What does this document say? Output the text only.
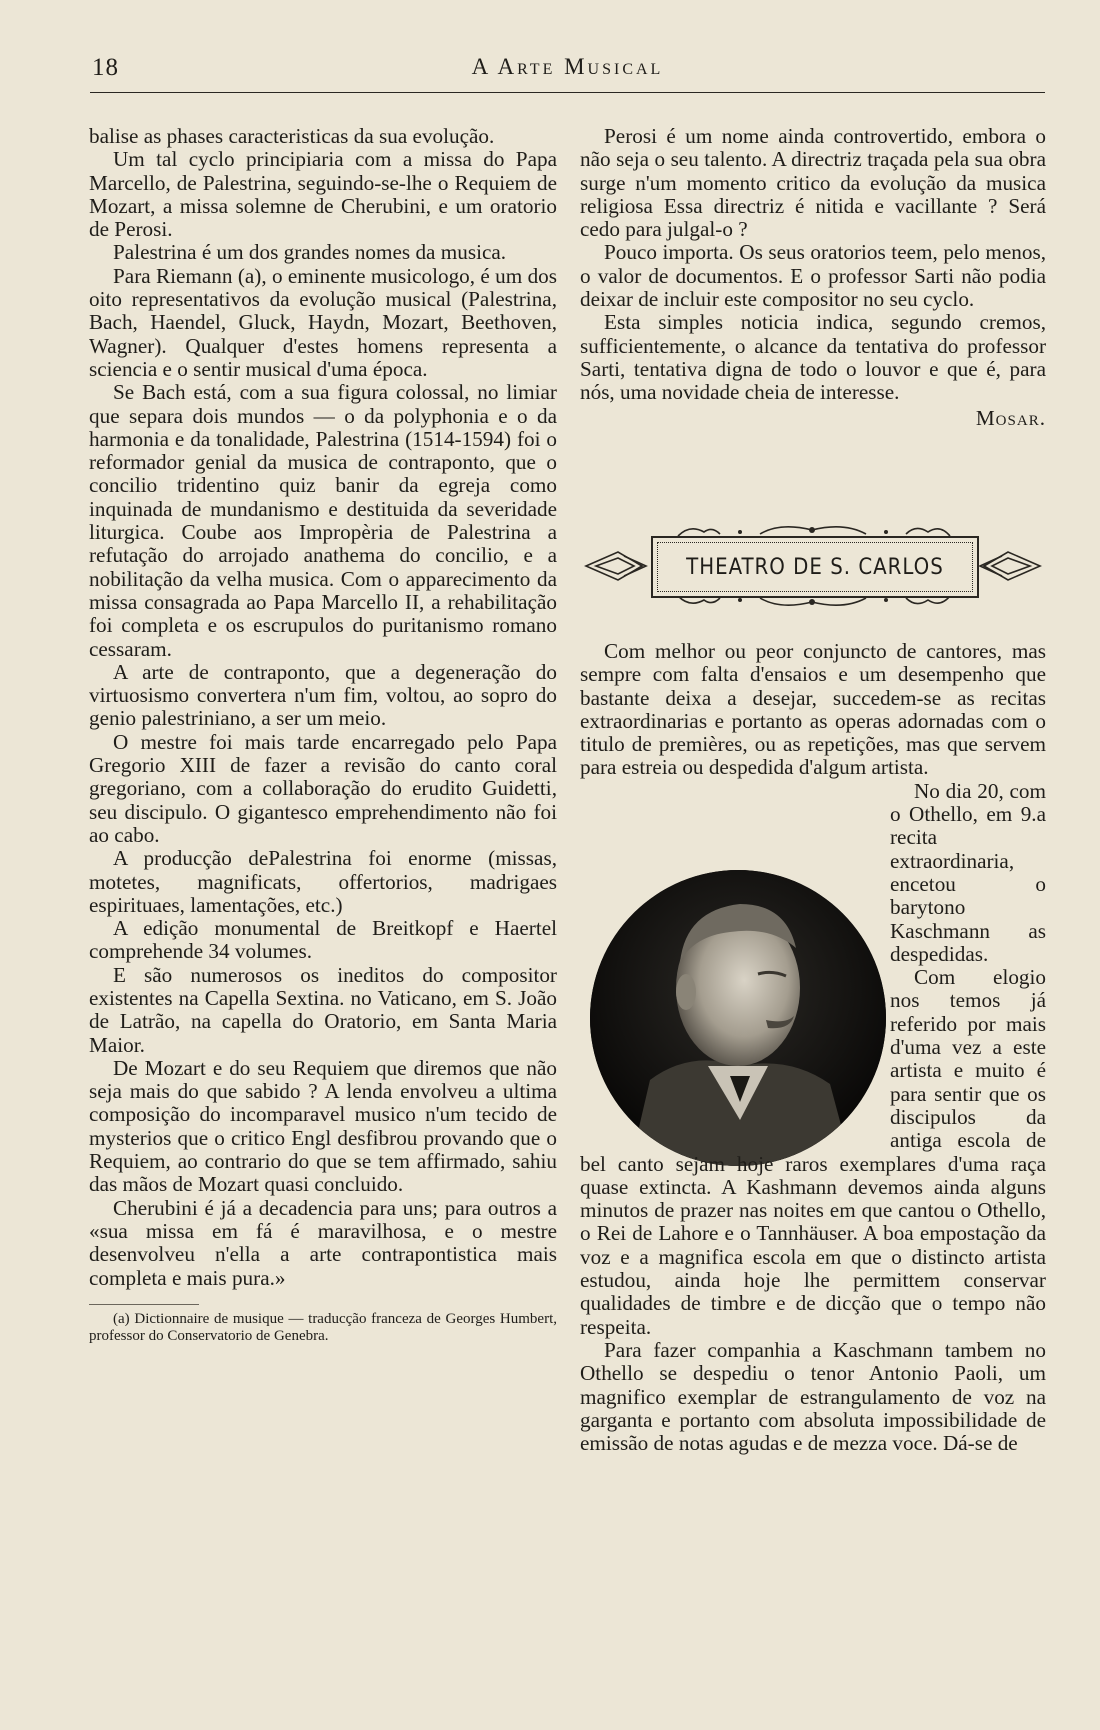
18	A Arte Musical

balise as phases caracteristicas da sua evolução.

Um tal cyclo principiaria com a missa do Papa Marcello, de Palestrina, seguindo-se-lhe o Requiem de Mozart, a missa solemne de Cherubini, e um oratorio de Perosi.

Palestrina é um dos grandes nomes da musica.

Para Riemann (a), o eminente musicologo, é um dos oito representativos da evolução musical (Palestrina, Bach, Haendel, Gluck, Haydn, Mozart, Beethoven, Wagner). Qualquer d'estes homens representa a sciencia e o sentir musical d'uma época.

Se Bach está, com a sua figura colossal, no limiar que separa dois mundos — o da polyphonia e o da harmonia e da tonalidade, Palestrina (1514-1594) foi o reformador genial da musica de contraponto, que o concilio tridentino quiz banir da egreja como inquinada de mundanismo e destituida da severidade liturgica. Coube aos Impropèria de Palestrina a refutação do arrojado anathema do concilio, e a nobilitação da velha musica. Com o apparecimento da missa consagrada ao Papa Marcello II, a rehabilitação foi completa e os escrupulos do puritanismo romano cessaram.

A arte de contraponto, que a degeneração do virtuosismo convertera n'um fim, voltou, ao sopro do genio palestriniano, a ser um meio.

O mestre foi mais tarde encarregado pelo Papa Gregorio XIII de fazer a revisão do canto coral gregoriano, com a collaboração do erudito Guidetti, seu discipulo. O gigantesco emprehendimento não foi ao cabo.

A producção dePalestrina foi enorme (missas, motetes, magnificats, offertorios, madrigaes espirituaes, lamentações, etc.)

A edição monumental de Breitkopf e Haertel comprehende 34 volumes.

E são numerosos os ineditos do compositor existentes na Capella Sextina. no Vaticano, em S. João de Latrão, na capella do Oratorio, em Santa Maria Maior.

De Mozart e do seu Requiem que diremos que não seja mais do que sabido ? A lenda envolveu a ultima composição do incomparavel musico n'um tecido de mysterios que o critico Engl desfibrou provando que o Requiem, ao contrario do que se tem affirmado, sahiu das mãos de Mozart quasi concluido.

Cherubini é já a decadencia para uns; para outros a «sua missa em fá é maravilhosa, e o mestre desenvolveu n'ella a arte contrapontistica mais completa e mais pura.»

(a) Dictionnaire de musique — traducção franceza de Georges Humbert, professor do Conservatorio de Genebra.

Perosi é um nome ainda controvertido, embora o não seja o seu talento. A directriz traçada pela sua obra surge n'um momento critico da evolução da musica religiosa Essa directriz é nitida e vacillante ? Será cedo para julgal-o ?

Pouco importa. Os seus oratorios teem, pelo menos, o valor de documentos. E o professor Sarti não podia deixar de incluir este compositor no seu cyclo.

Esta simples noticia indica, segundo cremos, sufficientemente, o alcance da tentativa do professor Sarti, tentativa digna de todo o louvor e que é, para nós, uma novidade cheia de interesse.

Mosar.
THEATRO DE S. CARLOS

Com melhor ou peor conjuncto de cantores, mas sempre com falta d'ensaios e um desempenho que bastante deixa a desejar, succedem-se as recitas extraordinarias e portanto as operas adornadas com o titulo de premières, ou as repetições, mas que servem para estreia ou despedida d'algum artista.

No dia 20, com o Othello, em 9.a recita extraordinaria, encetou o barytono Kaschmann as despedidas.

Com elogio nos temos já referido por mais d'uma vez a este artista e muito é para sentir que os discipulos da antiga escola de bel canto sejam hoje raros exemplares d'uma raça quase extincta. A Kashmann devemos ainda alguns minutos de prazer nas noites em que cantou o Othello, o Rei de Lahore e o Tannhäuser. A boa empostação da voz e a magnifica escola em que o distincto artista estudou, ainda hoje lhe permittem conservar qualidades de timbre e de dicção que o tempo não respeita.

Para fazer companhia a Kaschmann tambem no Othello se despediu o tenor Antonio Paoli, um magnifico exemplar de estrangulamento de voz na garganta e portanto com absoluta impossibilidade de emissão de notas agudas e de mezza voce. Dá-se de
